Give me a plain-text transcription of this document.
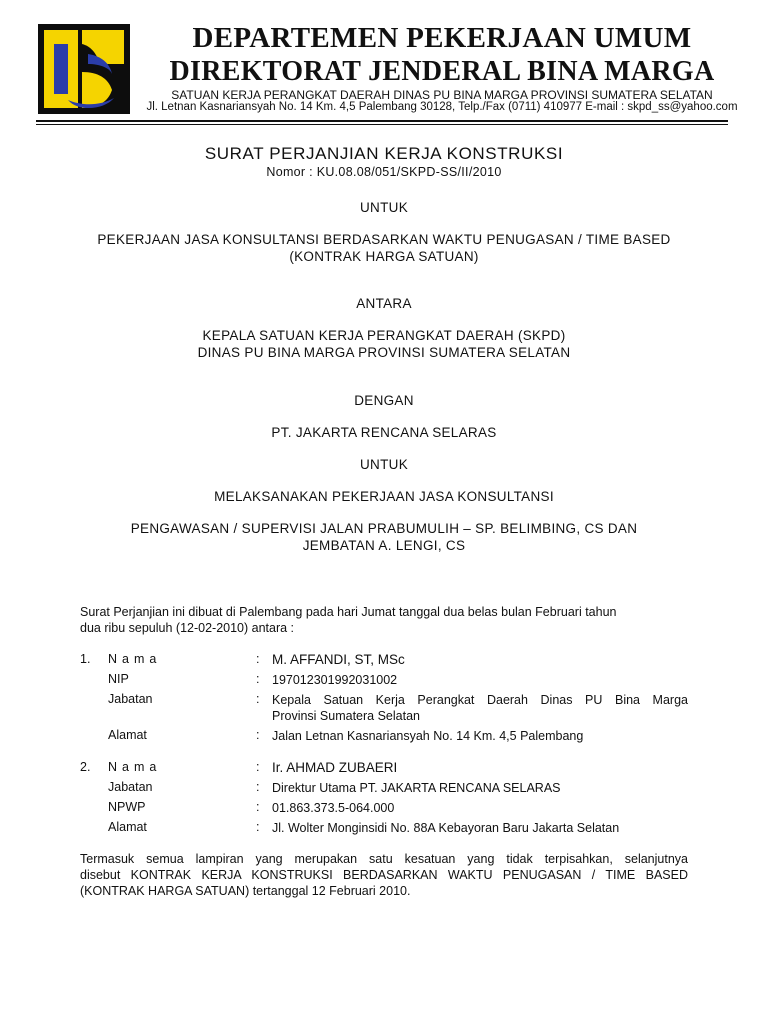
DEPARTEMEN PEKERJAAN UMUM
DIREKTORAT JENDERAL BINA MARGA
SATUAN KERJA PERANGKAT DAERAH DINAS PU BINA MARGA PROVINSI SUMATERA SELATAN
Jl. Letnan Kasnariansyah No. 14 Km. 4,5 Palembang 30128, Telp./Fax (0711) 410977 E-mail : skpd_ss@yahoo.com
SURAT PERJANJIAN KERJA KONSTRUKSI
Nomor : KU.08.08/051/SKPD-SS/II/2010
UNTUK
PEKERJAAN JASA KONSULTANSI BERDASARKAN WAKTU PENUGASAN / TIME BASED
(KONTRAK HARGA SATUAN)
ANTARA
KEPALA SATUAN KERJA PERANGKAT DAERAH (SKPD)
DINAS PU BINA MARGA PROVINSI SUMATERA SELATAN
DENGAN
PT. JAKARTA RENCANA SELARAS
UNTUK
MELAKSANAKAN PEKERJAAN JASA KONSULTANSI
PENGAWASAN / SUPERVISI JALAN PRABUMULIH – SP. BELIMBING, CS DAN
JEMBATAN A. LENGI, CS
Surat Perjanjian ini dibuat di Palembang pada hari Jumat tanggal dua belas bulan Februari tahun
dua ribu sepuluh (12-02-2010) antara :
1. Nama	: M. AFFANDI, ST, MSc
NIP	: 197012301992031002
Jabatan	: Kepala Satuan Kerja Perangkat Daerah Dinas PU Bina Marga
Provinsi Sumatera Selatan
Alamat	: Jalan Letnan Kasnariansyah No. 14 Km. 4,5 Palembang
2. Nama	: Ir. AHMAD ZUBAERI
Jabatan	: Direktur Utama PT. JAKARTA RENCANA SELARAS
NPWP	: 01.863.373.5-064.000
Alamat	: Jl. Wolter Monginsidi No. 88A Kebayoran Baru Jakarta Selatan
Termasuk semua lampiran yang merupakan satu kesatuan yang tidak terpisahkan, selanjutnya
disebut KONTRAK KERJA KONSTRUKSI BERDASARKAN WAKTU PENUGASAN / TIME BASED
(KONTRAK HARGA SATUAN) tertanggal 12 Februari 2010.
